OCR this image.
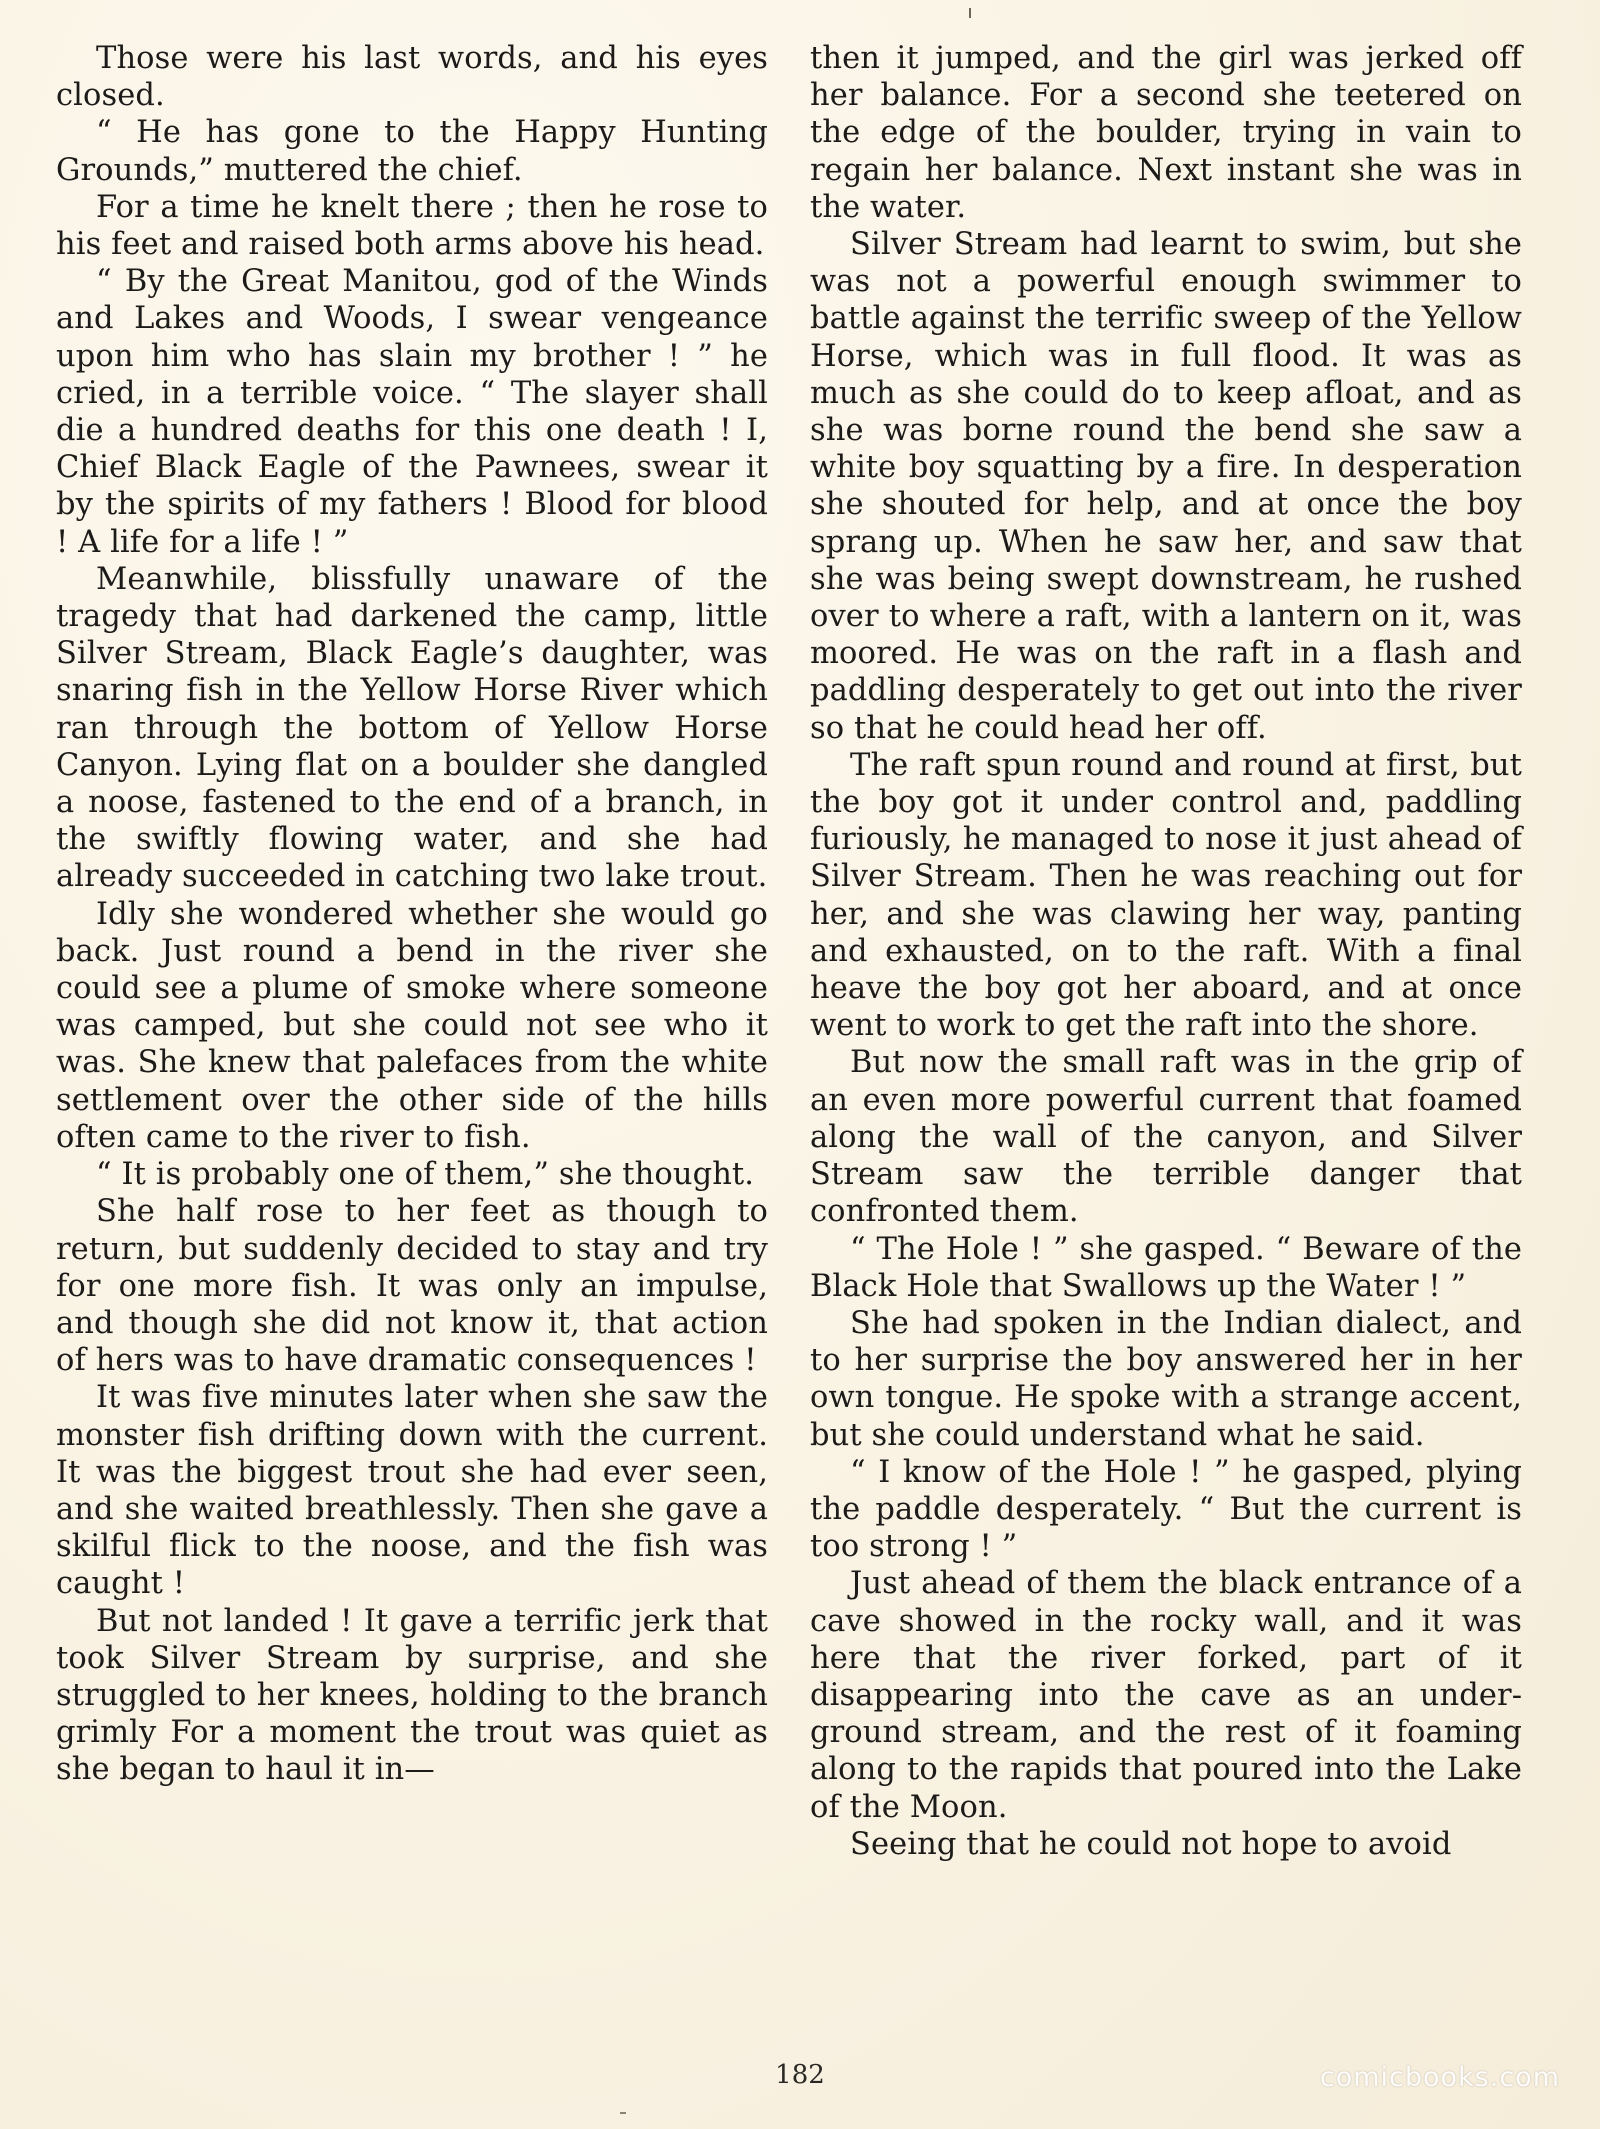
Those were his last words, and his eyes closed.

“ He has gone to the Happy Hunting Grounds,” muttered the chief.

For a time he knelt there ; then he rose to his feet and raised both arms above his head.

“ By the Great Manitou, god of the Winds and Lakes and Woods, I swear vengeance upon him who has slain my brother ! ” he cried, in a terrible voice. “ The slayer shall die a hundred deaths for this one death ! I, Chief Black Eagle of the Pawnees, swear it by the spirits of my fathers ! Blood for blood ! A life for a life ! ”

Meanwhile, blissfully unaware of the tragedy that had darkened the camp, little Silver Stream, Black Eagle’s daughter, was snaring fish in the Yellow Horse River which ran through the bottom of Yellow Horse Canyon. Lying flat on a boulder she dangled a noose, fastened to the end of a branch, in the swiftly flowing water, and she had already succeeded in catching two lake trout.

Idly she wondered whether she would go back. Just round a bend in the river she could see a plume of smoke where someone was camped, but she could not see who it was. She knew that palefaces from the white settlement over the other side of the hills often came to the river to fish.

“ It is probably one of them,” she thought.

She half rose to her feet as though to return, but suddenly decided to stay and try for one more fish. It was only an impulse, and though she did not know it, that action of hers was to have dramatic consequences !

It was five minutes later when she saw the monster fish drifting down with the current. It was the biggest trout she had ever seen, and she waited breathlessly. Then she gave a skilful flick to the noose, and the fish was caught !

But not landed ! It gave a terrific jerk that took Silver Stream by surprise, and she struggled to her knees, holding to the branch grimly For a moment the trout was quiet as she began to haul it in—

then it jumped, and the girl was jerked off her balance. For a second she teetered on the edge of the boulder, trying in vain to regain her balance. Next instant she was in the water.

Silver Stream had learnt to swim, but she was not a powerful enough swimmer to battle against the terrific sweep of the Yellow Horse, which was in full flood. It was as much as she could do to keep afloat, and as she was borne round the bend she saw a white boy squatting by a fire. In desperation she shouted for help, and at once the boy sprang up. When he saw her, and saw that she was being swept downstream, he rushed over to where a raft, with a lantern on it, was moored. He was on the raft in a flash and paddling desperately to get out into the river so that he could head her off.

The raft spun round and round at first, but the boy got it under control and, paddling furiously, he managed to nose it just ahead of Silver Stream. Then he was reaching out for her, and she was clawing her way, panting and exhausted, on to the raft. With a final heave the boy got her aboard, and at once went to work to get the raft into the shore.

But now the small raft was in the grip of an even more powerful current that foamed along the wall of the canyon, and Silver Stream saw the terrible danger that confronted them.

“ The Hole ! ” she gasped. “ Beware of the Black Hole that Swallows up the Water ! ”

She had spoken in the Indian dialect, and to her surprise the boy answered her in her own tongue. He spoke with a strange accent, but she could understand what he said.

“ I know of the Hole ! ” he gasped, plying the paddle desperately. “ But the current is too strong ! ”

Just ahead of them the black entrance of a cave showed in the rocky wall, and it was here that the river forked, part of it disappearing into the cave as an underground stream, and the rest of it foaming along to the rapids that poured into the Lake of the Moon.

Seeing that he could not hope to avoid

182	comicbooks.com
